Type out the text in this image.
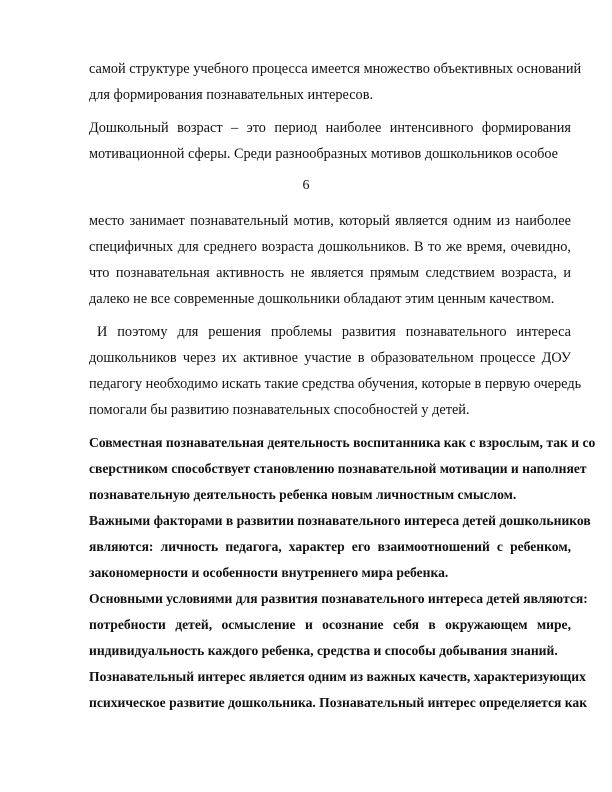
самой структуре учебного процесса имеется множество объективных оснований
для формирования познавательных интересов.
Дошкольный возраст – это период наиболее интенсивного формирования
мотивационной сферы. Среди разнообразных мотивов дошкольников особое
6
место занимает познавательный мотив, который является одним из наиболее
специфичных для среднего возраста дошкольников. В то же время, очевидно,
что познавательная активность не является прямым следствием возраста, и
далеко не все современные дошкольники обладают этим ценным качеством.
И поэтому для решения проблемы развития познавательного интереса
дошкольников через их активное участие в образовательном процессе ДОУ
педагогу необходимо искать такие средства обучения, которые в первую очередь
помогали бы развитию познавательных способностей у детей.
Совместная познавательная деятельность воспитанника как с взрослым, так и со
сверстником способствует становлению познавательной мотивации и наполняет
познавательную деятельность ребенка новым личностным смыслом.
Важными факторами в развитии познавательного интереса детей дошкольников
являются: личность педагога, характер его взаимоотношений с ребенком,
закономерности и особенности внутреннего мира ребенка.
Основными условиями для развития познавательного интереса детей являются:
потребности детей, осмысление и осознание себя в окружающем мире,
индивидуальность каждого ребенка, средства и способы добывания знаний.
Познавательный интерес является одним из важных качеств, характеризующих
психическое развитие дошкольника. Познавательный интерес определяется как
